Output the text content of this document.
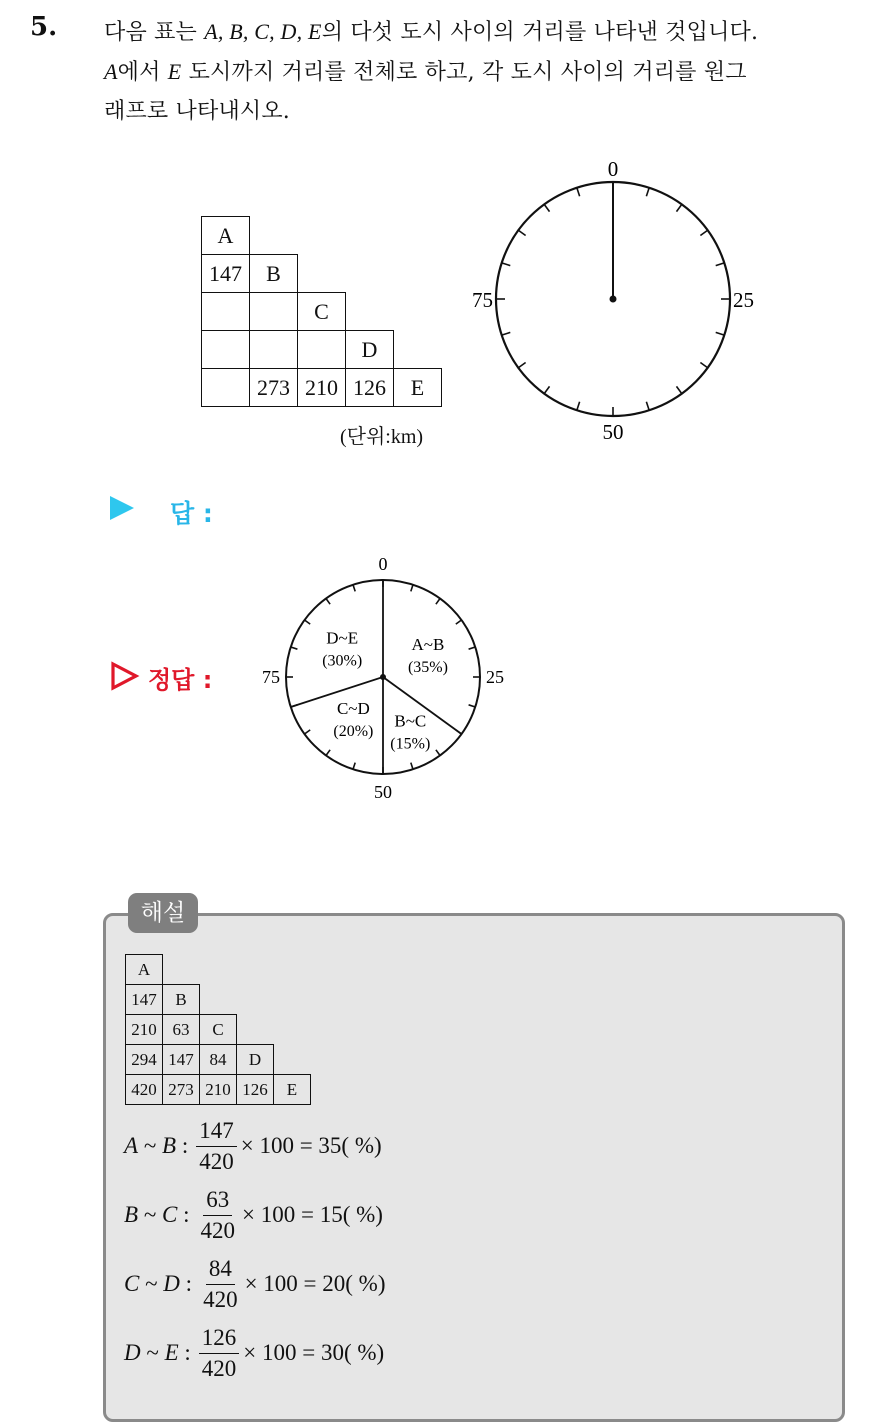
5. 다음 표는 A, B, C, D, E의 다섯 도시 사이의 거리를 나타낸 것입니다.
A에서 E 도시까지 거리를 전체로 하고, 각 도시 사이의 거리를 원그
래프로 나타내시오.
A				
147	B			
		C		
			D	
	273	210	126	E
(단위:km)
0
25
50
75
답 :
정답 :
A~B
(35%)
B~C
(15%)
C~D
(20%)
D~E
(30%)
0
25
50
75
해설
A				
147	B			
210	63	C		
294	147	84	D	
420	273	210	126	E
A ~ B : $\frac{147}{420} \times 100 = 35$( %)
B ~ C : $\frac{63}{420} \times 100 = 15$( %)
C ~ D : $\frac{84}{420} \times 100 = 20$( %)
D ~ E : $\frac{126}{420} \times 100 = 30$( %)
